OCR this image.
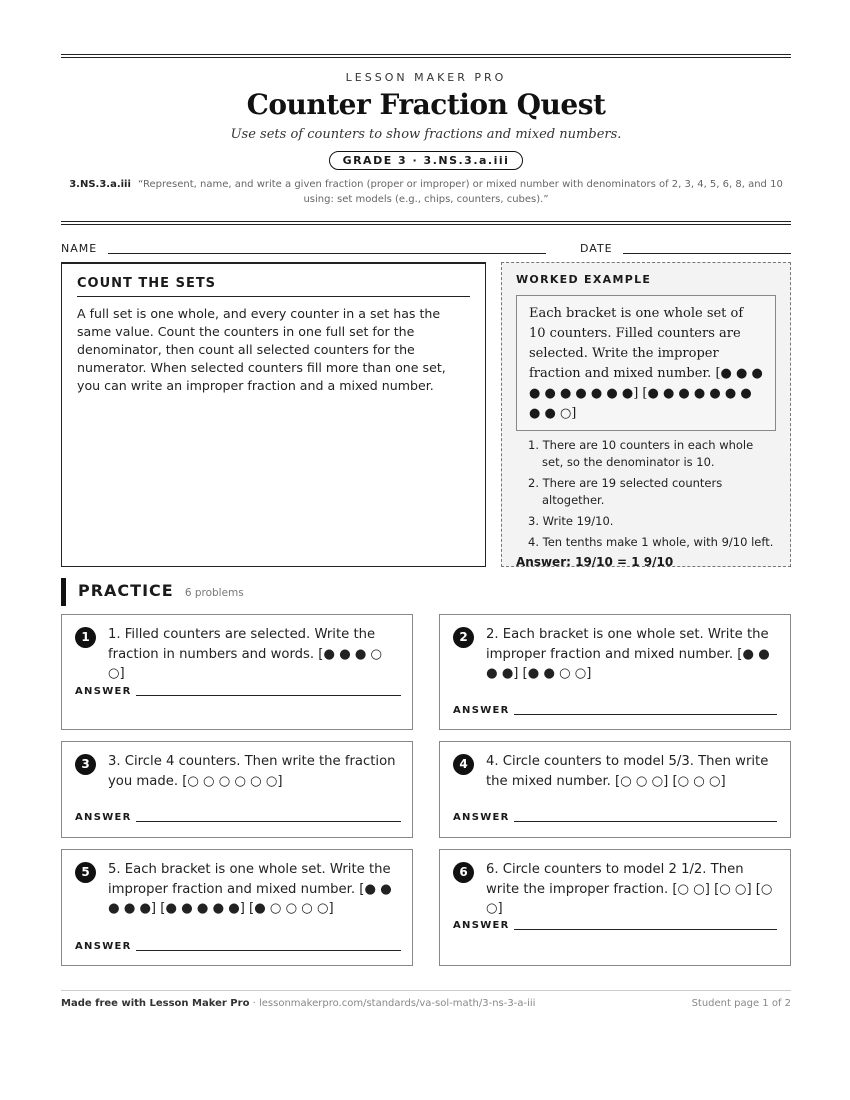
LESSON MAKER PRO
Counter Fraction Quest
Use sets of counters to show fractions and mixed numbers.
GRADE 3 · 3.NS.3.a.iii
3.NS.3.a.iii “Represent, name, and write a given fraction (proper or improper) or mixed number with denominators of 2, 3, 4, 5, 6, 8, and 10 using: set models (e.g., chips, counters, cubes).”
NAME	DATE
COUNT THE SETS
A full set is one whole, and every counter in a set has the same value. Count the counters in one full set for the denominator, then count all selected counters for the numerator. When selected counters fill more than one set, you can write an improper fraction and a mixed number.
WORKED EXAMPLE
Each bracket is one whole set of 10 counters. Filled counters are selected. Write the improper fraction and mixed number. [● ● ● ● ● ● ● ● ● ●] [● ● ● ● ● ● ● ● ● ○]
1. There are 10 counters in each whole set, so the denominator is 10.
2. There are 19 selected counters altogether.
3. Write 19/10.
4. Ten tenths make 1 whole, with 9/10 left.
Answer: 19/10 = 1 9/10
PRACTICE 6 problems
1	1. Filled counters are selected. Write the fraction in numbers and words. [● ● ● ○ ○]
ANSWER
2	2. Each bracket is one whole set. Write the improper fraction and mixed number. [● ● ● ●] [● ● ○ ○]
ANSWER
3	3. Circle 4 counters. Then write the fraction you made. [○ ○ ○ ○ ○ ○]
ANSWER
4	4. Circle counters to model 5/3. Then write the mixed number. [○ ○ ○] [○ ○ ○]
ANSWER
5	5. Each bracket is one whole set. Write the improper fraction and mixed number. [● ● ● ● ●] [● ● ● ● ●] [● ○ ○ ○ ○]
ANSWER
6	6. Circle counters to model 2 1/2. Then write the improper fraction. [○ ○] [○ ○] [○ ○]
ANSWER
Made free with Lesson Maker Pro · lessonmakerpro.com/standards/va-sol-math/3-ns-3-a-iii	Student page 1 of 2
